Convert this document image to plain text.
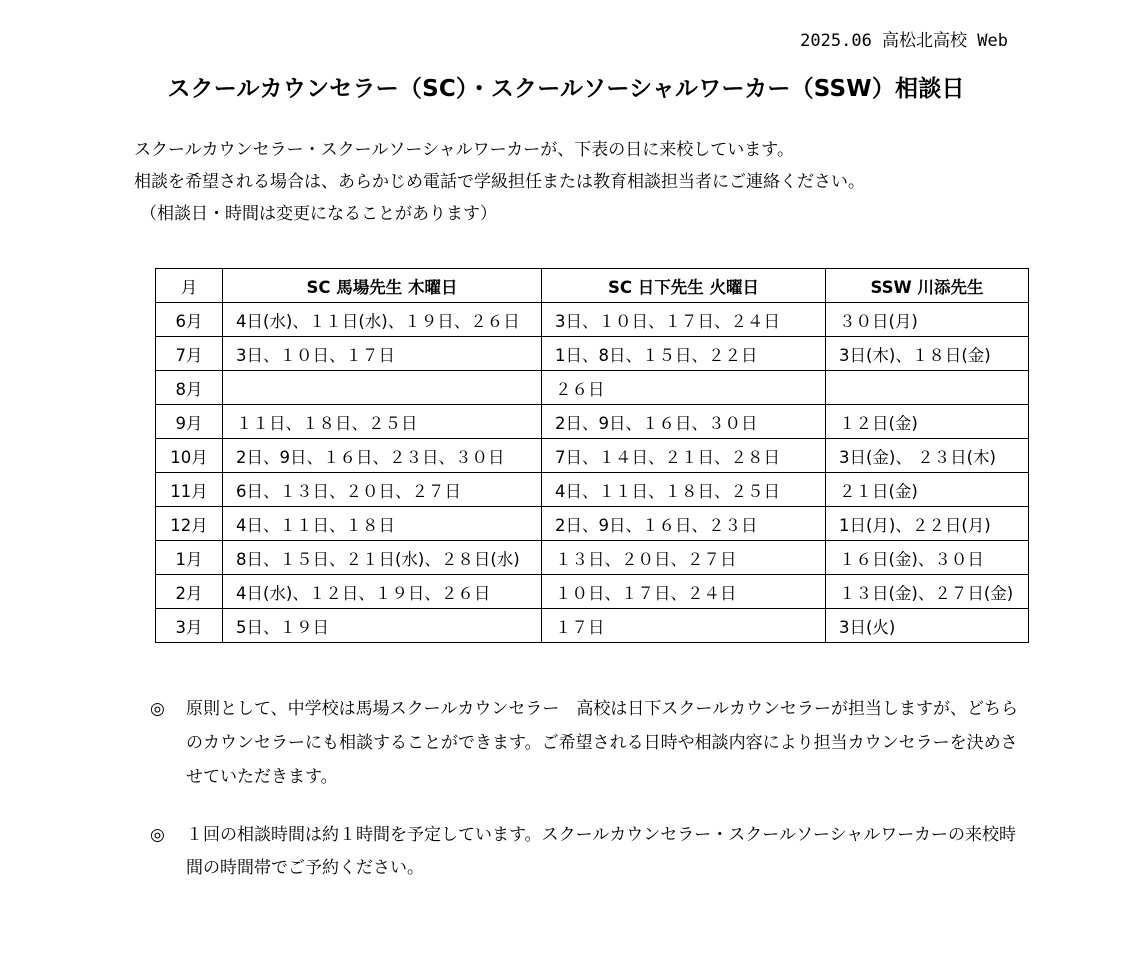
2025.06 高松北高校 Web
スクールカウンセラー（SC）・スクールソーシャルワーカー（SSW）相談日
スクールカウンセラー・スクールソーシャルワーカーが、下表の日に来校しています。
相談を希望される場合は、あらかじめ電話で学級担任または教育相談担当者にご連絡ください。
（相談日・時間は変更になることがあります）
月	SC 馬場先生 木曜日	SC 日下先生 火曜日	SSW 川添先生
6月	4日(水)、１１日(水)、１９日、２６日	3日、１０日、１７日、２４日	３０日(月)
7月	3日、１０日、１７日	1日、8日、１５日、２２日	3日(木)、１８日(金)
8月		２６日	
9月	１１日、１８日、２５日	2日、9日、１６日、３０日	１２日(金)
10月	2日、9日、１６日、２３日、３０日	7日、１４日、２１日、２８日	3日(金)、 ２３日(木)
11月	6日、１３日、２０日、２７日	4日、１１日、１８日、２５日	２１日(金)
12月	4日、１１日、１８日	2日、9日、１６日、２３日	1日(月)、２２日(月)
1月	8日、１５日、２１日(水)、２８日(水)	１３日、２０日、２７日	１６日(金)、３０日
2月	4日(水)、１２日、１９日、２６日	１０日、１７日、２４日	１３日(金)、２７日(金)
3月	5日、１９日	１７日	3日(火)
◎	原則として、中学校は馬場スクールカウンセラー　高校は日下スクールカウンセラーが担当しますが、どちらのカウンセラーにも相談することができます。ご希望される日時や相談内容により担当カウンセラーを決めさせていただきます。
◎	１回の相談時間は約１時間を予定しています。スクールカウンセラー・スクールソーシャルワーカーの来校時間の時間帯でご予約ください。
